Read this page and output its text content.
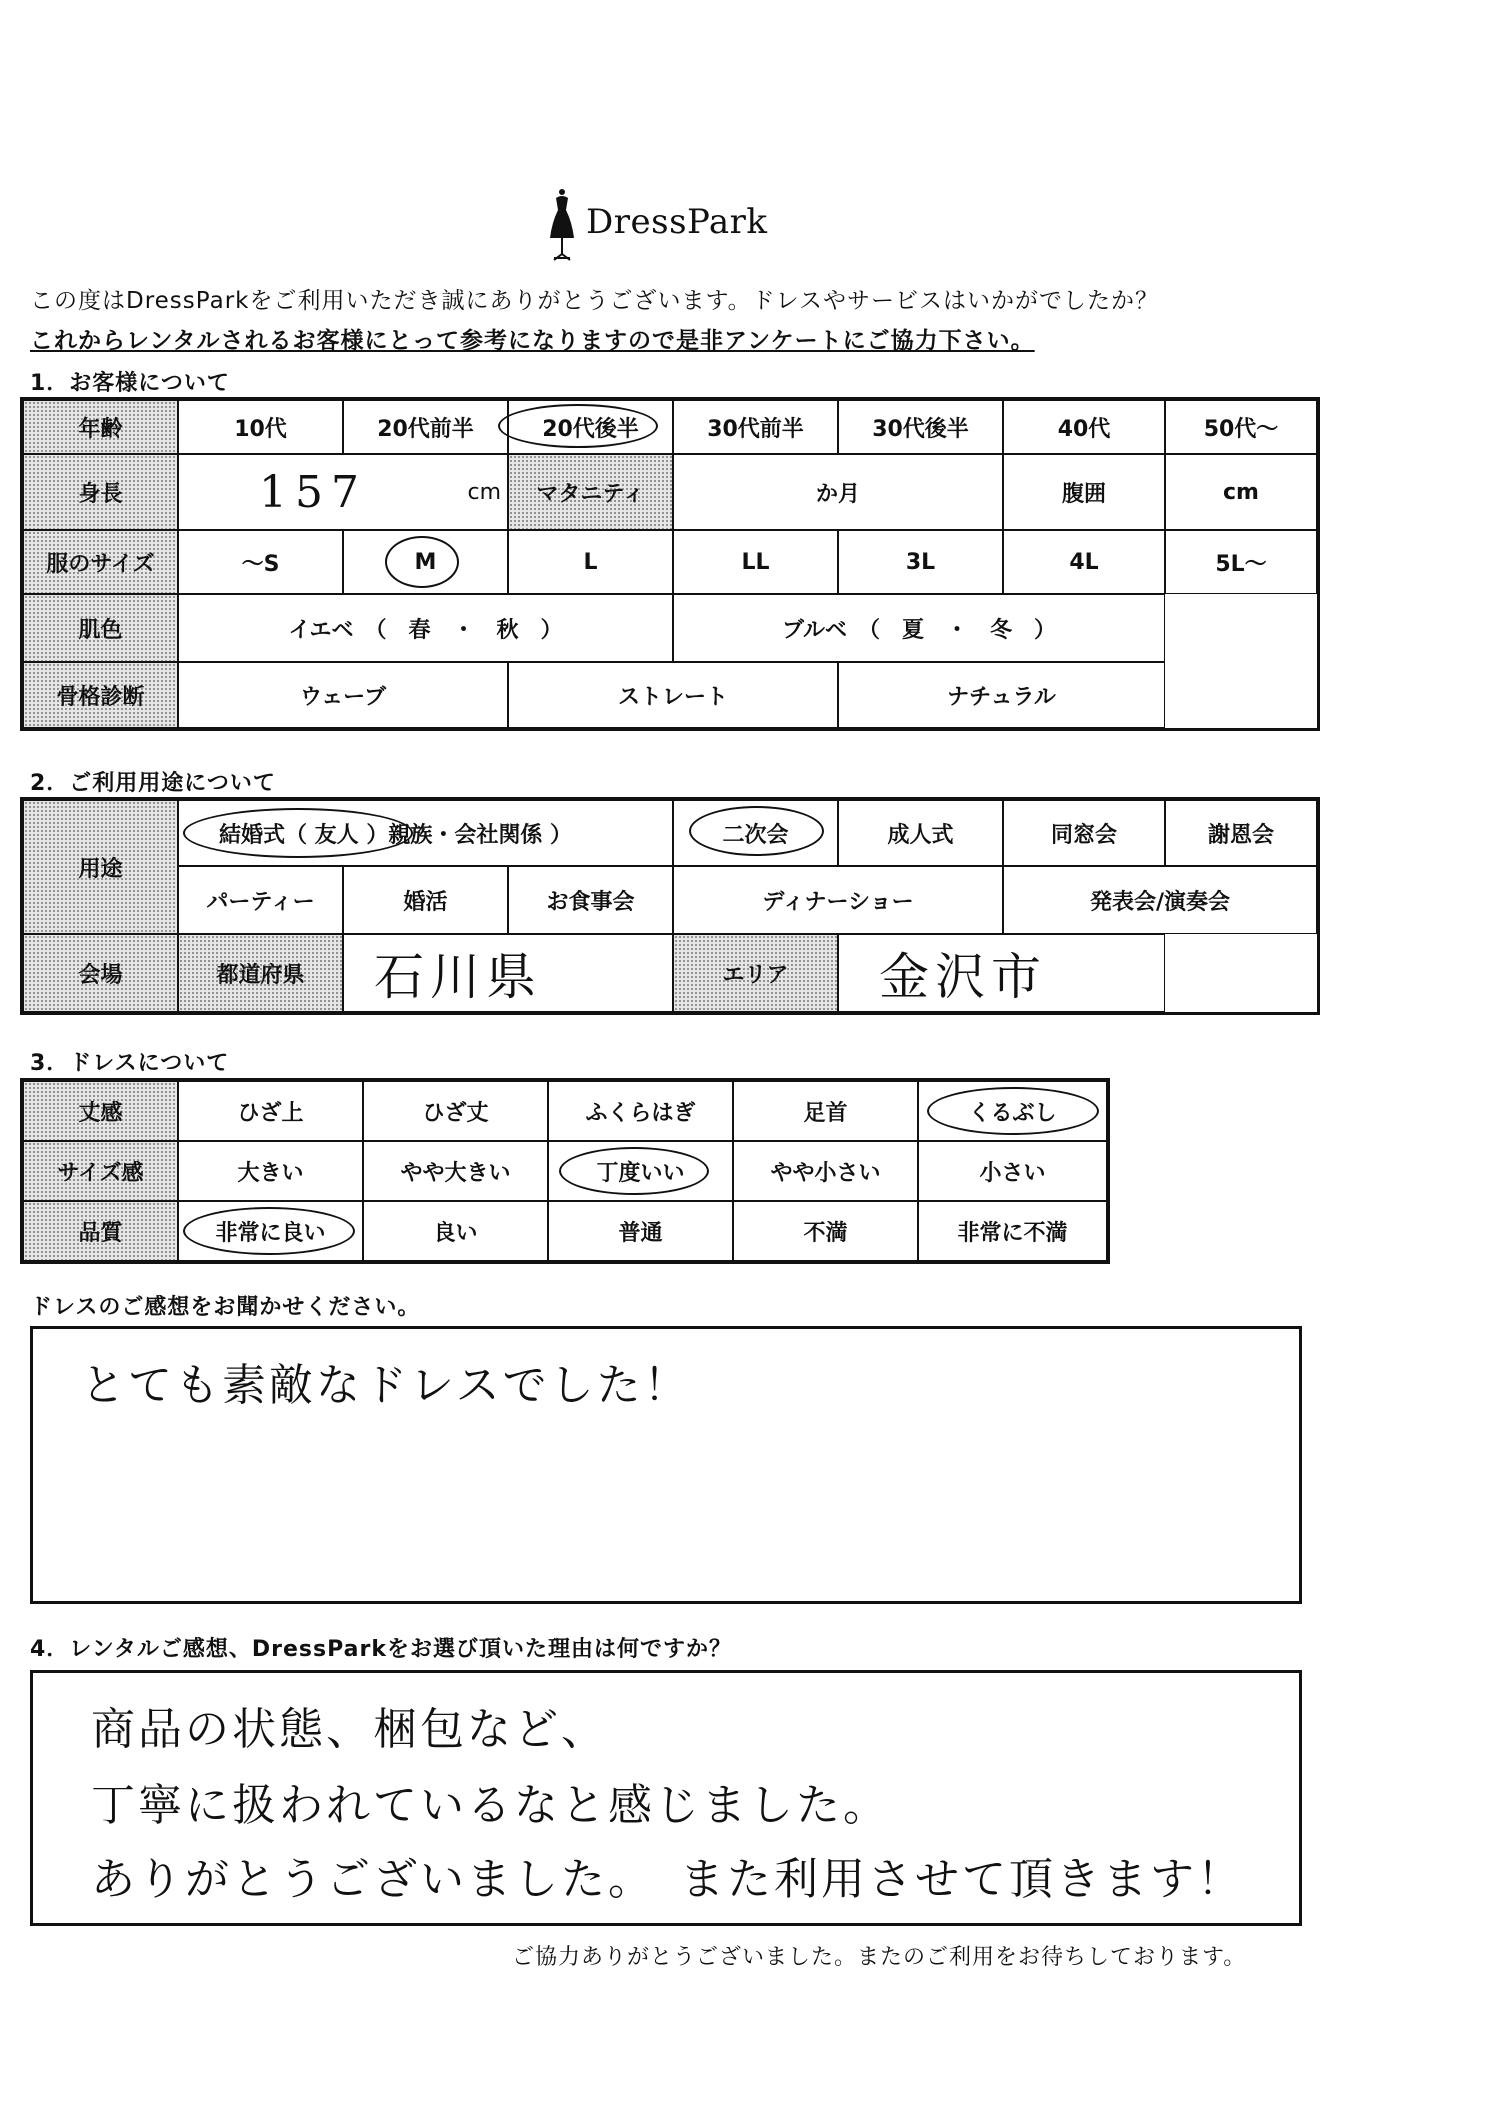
DressPark
この度はDressParkをご利用いただき誠にありがとうございます。ドレスやサービスはいかがでしたか？
これからレンタルされるお客様にとって参考になりますので是非アンケートにご協力下さい。
1．お客様について
年齢	10代	20代前半	20代後半	30代前半	30代後半	40代	50代〜
身長	157	cm	マタニティ	か月	腹囲	cm
服のサイズ	〜S	M	L	LL	3L	4L	5L〜
肌色	イエベ　（　春　・　秋　）	ブルベ　（　夏　・　冬　）
骨格診断	ウェーブ	ストレート	ナチュラル
2．ご利用用途について
用途
結婚式（ 友人 ）親族・会社関係 ）	二次会	成人式	同窓会	謝恩会
パーティー	婚活	お食事会	ディナーショー	発表会/演奏会
会場	都道府県	石川県	エリア	金沢市
3．ドレスについて
丈感	ひざ上	ひざ丈	ふくらはぎ	足首	くるぶし
サイズ感	大きい	やや大きい	丁度いい	やや小さい	小さい
品質	非常に良い	良い	普通	不満	非常に不満
ドレスのご感想をお聞かせください。
とても素敵なドレスでした！
4．レンタルご感想、DressParkをお選び頂いた理由は何ですか？
商品の状態、梱包など、
丁寧に扱われているなと感じました。
ありがとうございました。　また利用させて頂きます！
ご協力ありがとうございました。またのご利用をお待ちしております。
